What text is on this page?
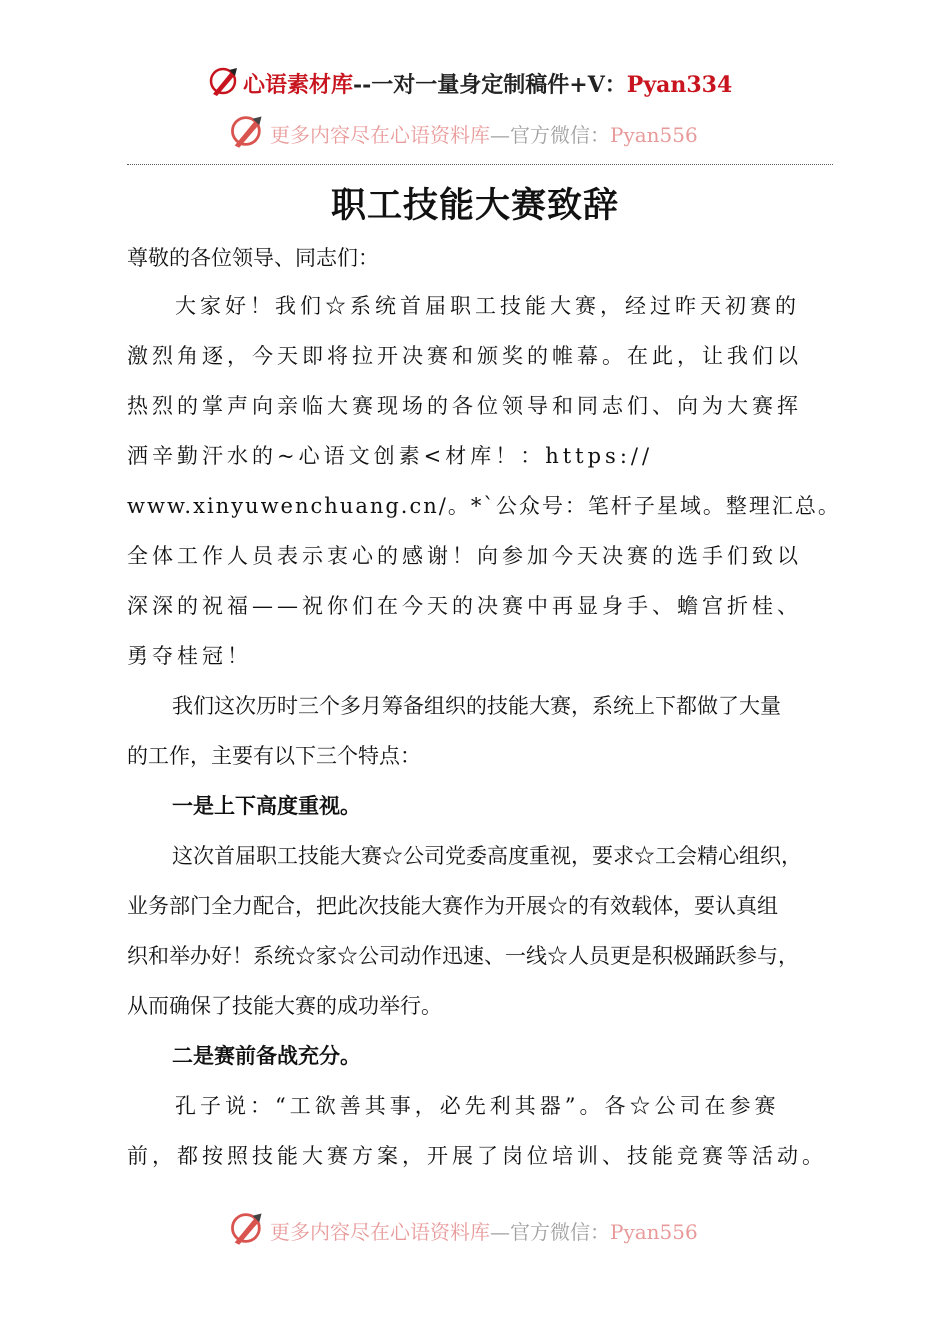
心语素材库--一对一量身定制稿件+V：Pyan334
更多内容尽在心语资料库—官方微信：Pyan556
职工技能大赛致辞
尊敬的各位领导、同志们：
大家好！我们☆系统首届职工技能大赛，经过昨天初赛的
激烈角逐，今天即将拉开决赛和颁奖的帷幕。在此，让我们以
热烈的掌声向亲临大赛现场的各位领导和同志们、向为大赛挥
洒辛勤汗水的~心语文创素<材库！：https://
www.xinyuwenchuang.cn/。*`公众号：笔杆子星域。整理汇总。
全体工作人员表示衷心的感谢！向参加今天决赛的选手们致以
深深的祝福——祝你们在今天的决赛中再显身手、蟾宫折桂、
勇夺桂冠！
我们这次历时三个多月筹备组织的技能大赛，系统上下都做了大量
的工作，主要有以下三个特点：
一是上下高度重视。
这次首届职工技能大赛☆公司党委高度重视，要求☆工会精心组织，
业务部门全力配合，把此次技能大赛作为开展☆的有效载体，要认真组
织和举办好！系统☆家☆公司动作迅速、一线☆人员更是积极踊跃参与，
从而确保了技能大赛的成功举行。
二是赛前备战充分。
孔子说：“工欲善其事，必先利其器”。各☆公司在参赛
前，都按照技能大赛方案，开展了岗位培训、技能竞赛等活动。
更多内容尽在心语资料库—官方微信：Pyan556
